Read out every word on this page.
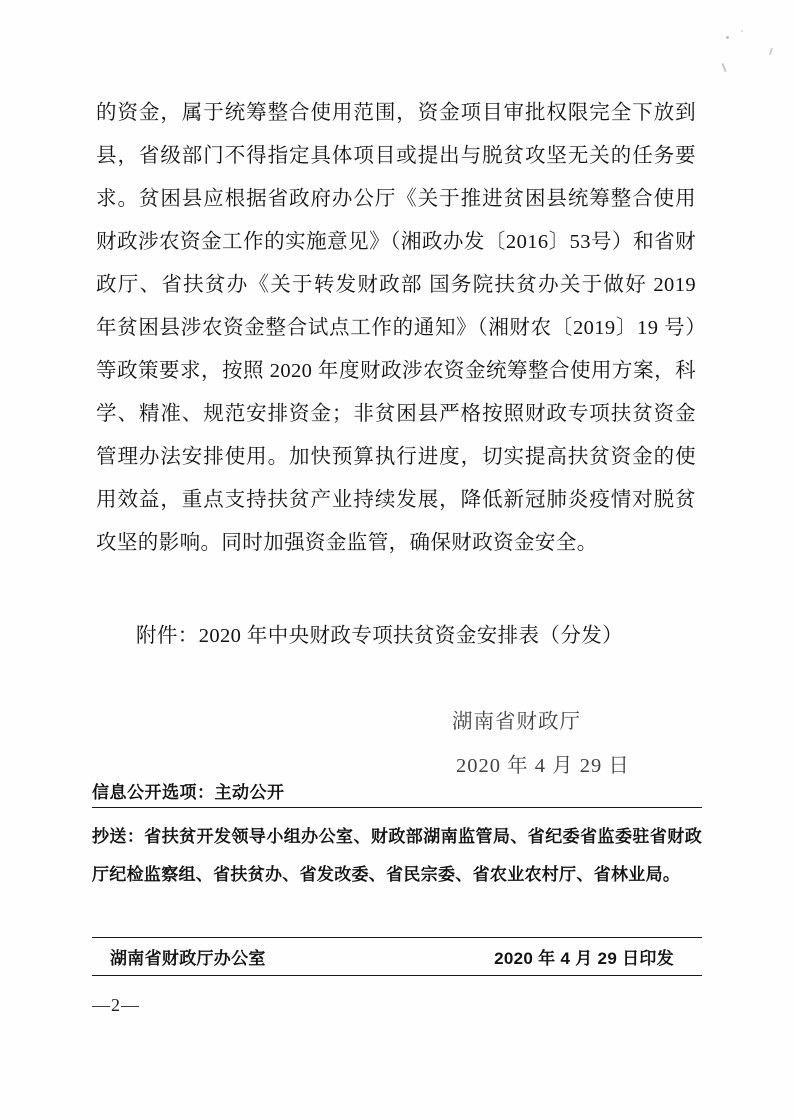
的资金，属于统筹整合使用范围，资金项目审批权限完全下放到县，省级部门不得指定具体项目或提出与脱贫攻坚无关的任务要求。贫困县应根据省政府办公厅《关于推进贫困县统筹整合使用财政涉农资金工作的实施意见》（湘政办发〔2016〕53号）和省财政厅、省扶贫办《关于转发财政部 国务院扶贫办关于做好 2019 年贫困县涉农资金整合试点工作的通知》（湘财农〔2019〕19 号）等政策要求，按照 2020 年度财政涉农资金统筹整合使用方案，科学、精准、规范安排资金；非贫困县严格按照财政专项扶贫资金管理办法安排使用。加快预算执行进度，切实提高扶贫资金的使用效益，重点支持扶贫产业持续发展，降低新冠肺炎疫情对脱贫攻坚的影响。同时加强资金监管，确保财政资金安全。

附件：2020 年中央财政专项扶贫资金安排表（分发）
湖南省财政厅
2020 年 4 月 29 日
信息公开选项：主动公开
抄送：省扶贫开发领导小组办公室、财政部湖南监管局、省纪委省监委驻省财政厅纪检监察组、省扶贫办、省发改委、省民宗委、省农业农村厅、省林业局。
湖南省财政厅办公室	2020 年 4 月 29 日印发
—2—
